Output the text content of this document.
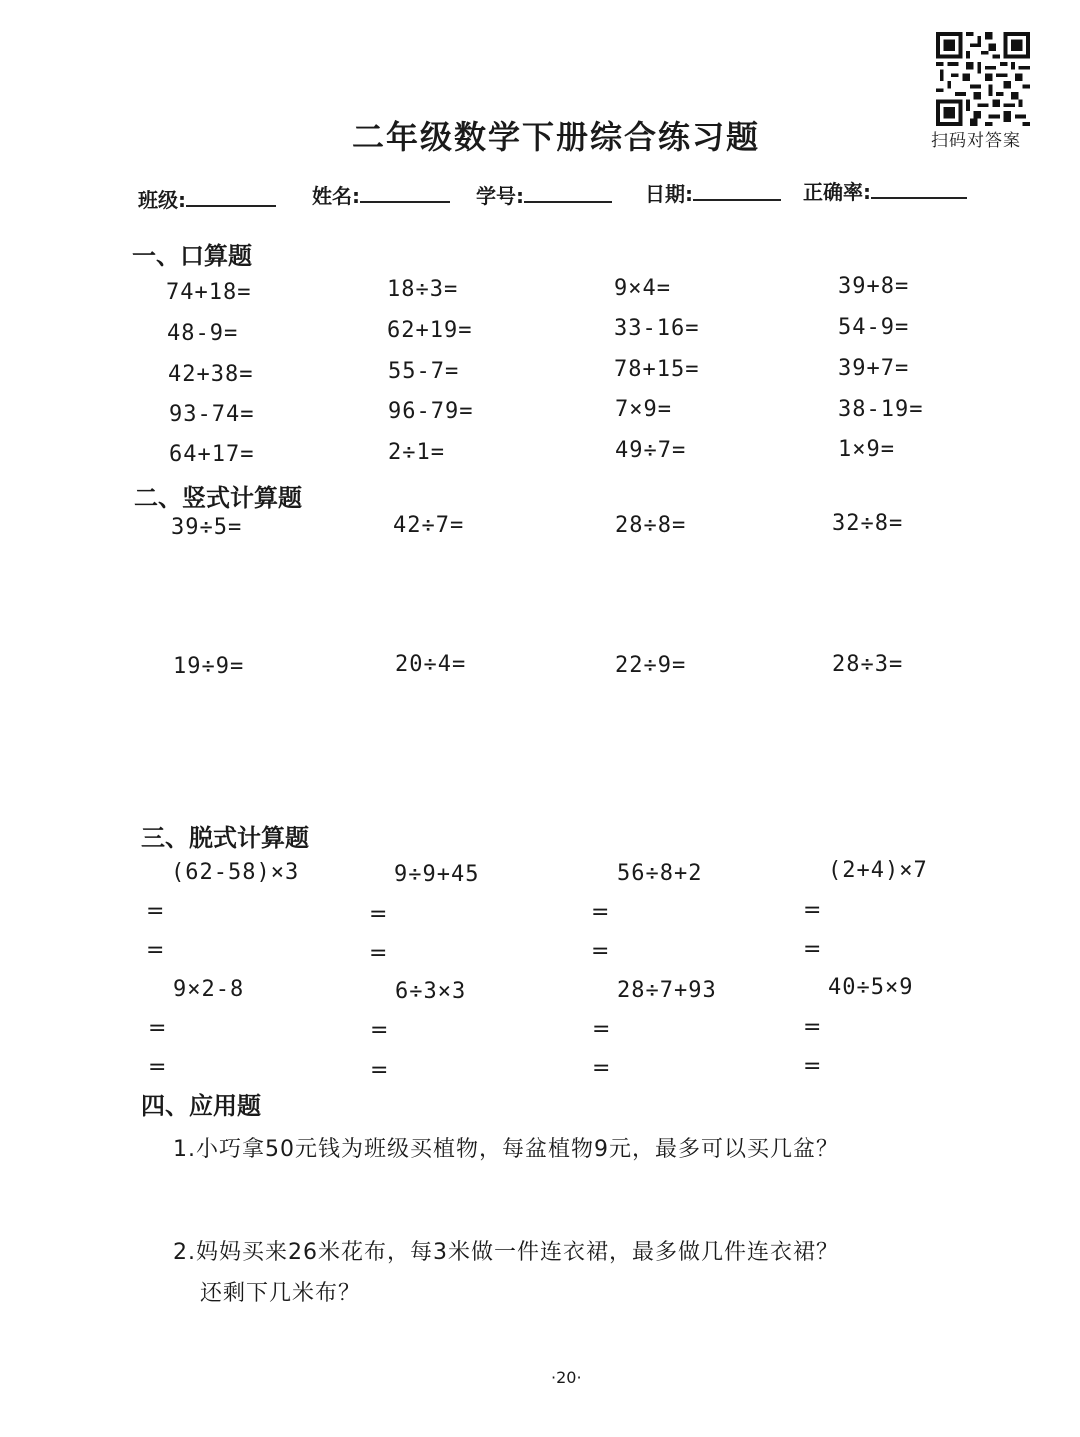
扫码对答案
二年级数学下册综合练习题
班级:	姓名:	学号:	日期:	正确率:
一、口算题
74+18=	18÷3=	9×4=	39+8=
48-9=	62+19=	33-16=	54-9=
42+38=	55-7=	78+15=	39+7=
93-74=	96-79=	7×9=	38-19=
64+17=	2÷1=	49÷7=	1×9=
二、竖式计算题
39÷5=	42÷7=	28÷8=	32÷8=
19÷9=	20÷4=	22÷9=	28÷3=
三、脱式计算题
(62-58)×3	9÷9+45	56÷8+2	(2+4)×7
=	=	=	=
=	=	=	=
9×2-8	6÷3×3	28÷7+93	40÷5×9
=	=	=	=
=	=	=	=
四、应用题
1.小巧拿50元钱为班级买植物，每盆植物9元，最多可以买几盆？
2.妈妈买来26米花布，每3米做一件连衣裙，最多做几件连衣裙？
还剩下几米布？
·20·
